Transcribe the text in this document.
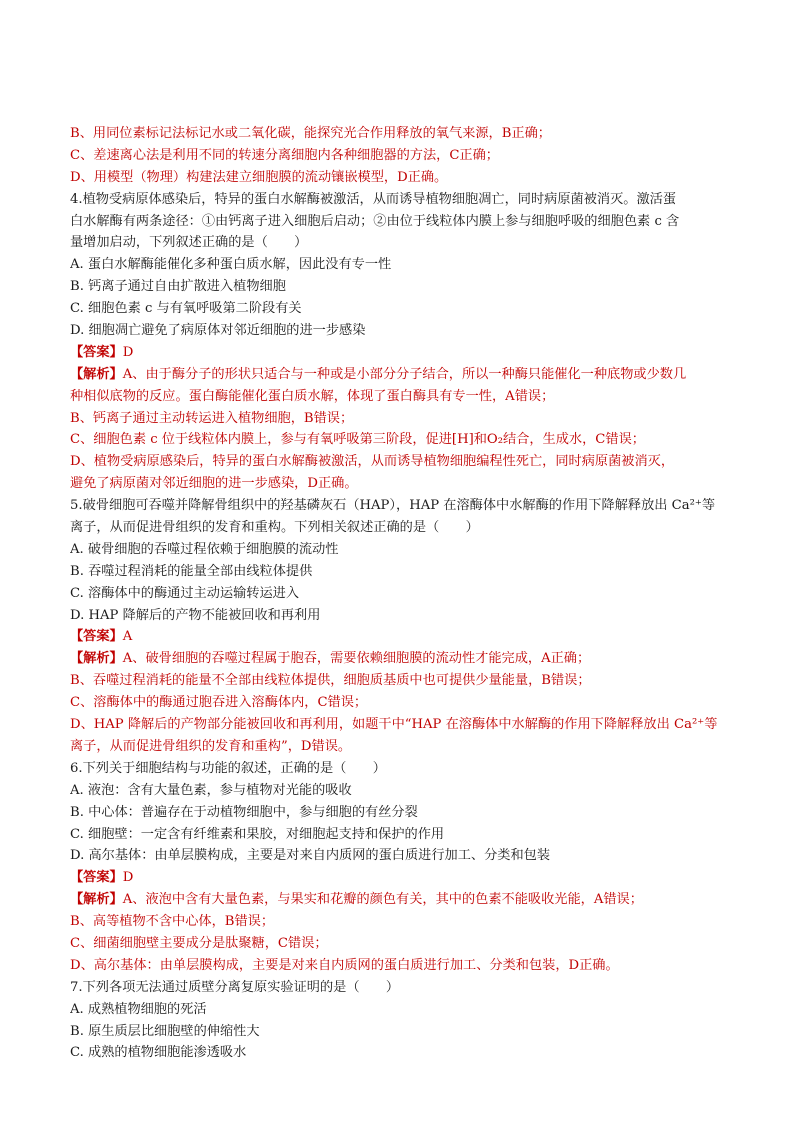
B、用同位素标记法标记水或二氧化碳，能探究光合作用释放的氧气来源，B正确；
C、差速离心法是利用不同的转速分离细胞内各种细胞器的方法，C正确；
D、用模型（物理）构建法建立细胞膜的流动镶嵌模型，D正确。
4.植物受病原体感染后，特异的蛋白水解酶被激活，从而诱导植物细胞凋亡，同时病原菌被消灭。激活蛋
白水解酶有两条途径：①由钙离子进入细胞后启动；②由位于线粒体内膜上参与细胞呼吸的细胞色素 c 含
量增加启动，下列叙述正确的是（　　）
A. 蛋白水解酶能催化多种蛋白质水解，因此没有专一性
B. 钙离子通过自由扩散进入植物细胞
C. 细胞色素 c 与有氧呼吸第二阶段有关
D. 细胞凋亡避免了病原体对邻近细胞的进一步感染
【答案】D
【解析】A、由于酶分子的形状只适合与一种或是小部分分子结合，所以一种酶只能催化一种底物或少数几
种相似底物的反应。蛋白酶能催化蛋白质水解，体现了蛋白酶具有专一性，A错误；
B、钙离子通过主动转运进入植物细胞，B错误；
C、细胞色素 c 位于线粒体内膜上，参与有氧呼吸第三阶段，促进[H]和O₂结合，生成水，C错误；
D、植物受病原感染后，特异的蛋白水解酶被激活，从而诱导植物细胞编程性死亡，同时病原菌被消灭，
避免了病原菌对邻近细胞的进一步感染，D正确。
5.破骨细胞可吞噬并降解骨组织中的羟基磷灰石（HAP），HAP 在溶酶体中水解酶的作用下降解释放出 Ca²⁺等
离子，从而促进骨组织的发育和重构。下列相关叙述正确的是（　　）
A. 破骨细胞的吞噬过程依赖于细胞膜的流动性
B. 吞噬过程消耗的能量全部由线粒体提供
C. 溶酶体中的酶通过主动运输转运进入
D. HAP 降解后的产物不能被回收和再利用
【答案】A
【解析】A、破骨细胞的吞噬过程属于胞吞，需要依赖细胞膜的流动性才能完成，A正确；
B、吞噬过程消耗的能量不全部由线粒体提供，细胞质基质中也可提供少量能量，B错误；
C、溶酶体中的酶通过胞吞进入溶酶体内，C错误；
D、HAP 降解后的产物部分能被回收和再利用，如题干中“HAP 在溶酶体中水解酶的作用下降解释放出 Ca²⁺等
离子，从而促进骨组织的发育和重构”，D错误。
6.下列关于细胞结构与功能的叙述，正确的是（　　）
A. 液泡：含有大量色素，参与植物对光能的吸收
B. 中心体：普遍存在于动植物细胞中，参与细胞的有丝分裂
C. 细胞壁：一定含有纤维素和果胶，对细胞起支持和保护的作用
D. 高尔基体：由单层膜构成，主要是对来自内质网的蛋白质进行加工、分类和包装
【答案】D
【解析】A、液泡中含有大量色素，与果实和花瓣的颜色有关，其中的色素不能吸收光能，A错误；
B、高等植物不含中心体，B错误；
C、细菌细胞壁主要成分是肽聚糖，C错误；
D、高尔基体：由单层膜构成，主要是对来自内质网的蛋白质进行加工、分类和包装，D正确。
7.下列各项无法通过质壁分离复原实验证明的是（　　）
A. 成熟植物细胞的死活
B. 原生质层比细胞壁的伸缩性大
C. 成熟的植物细胞能渗透吸水
